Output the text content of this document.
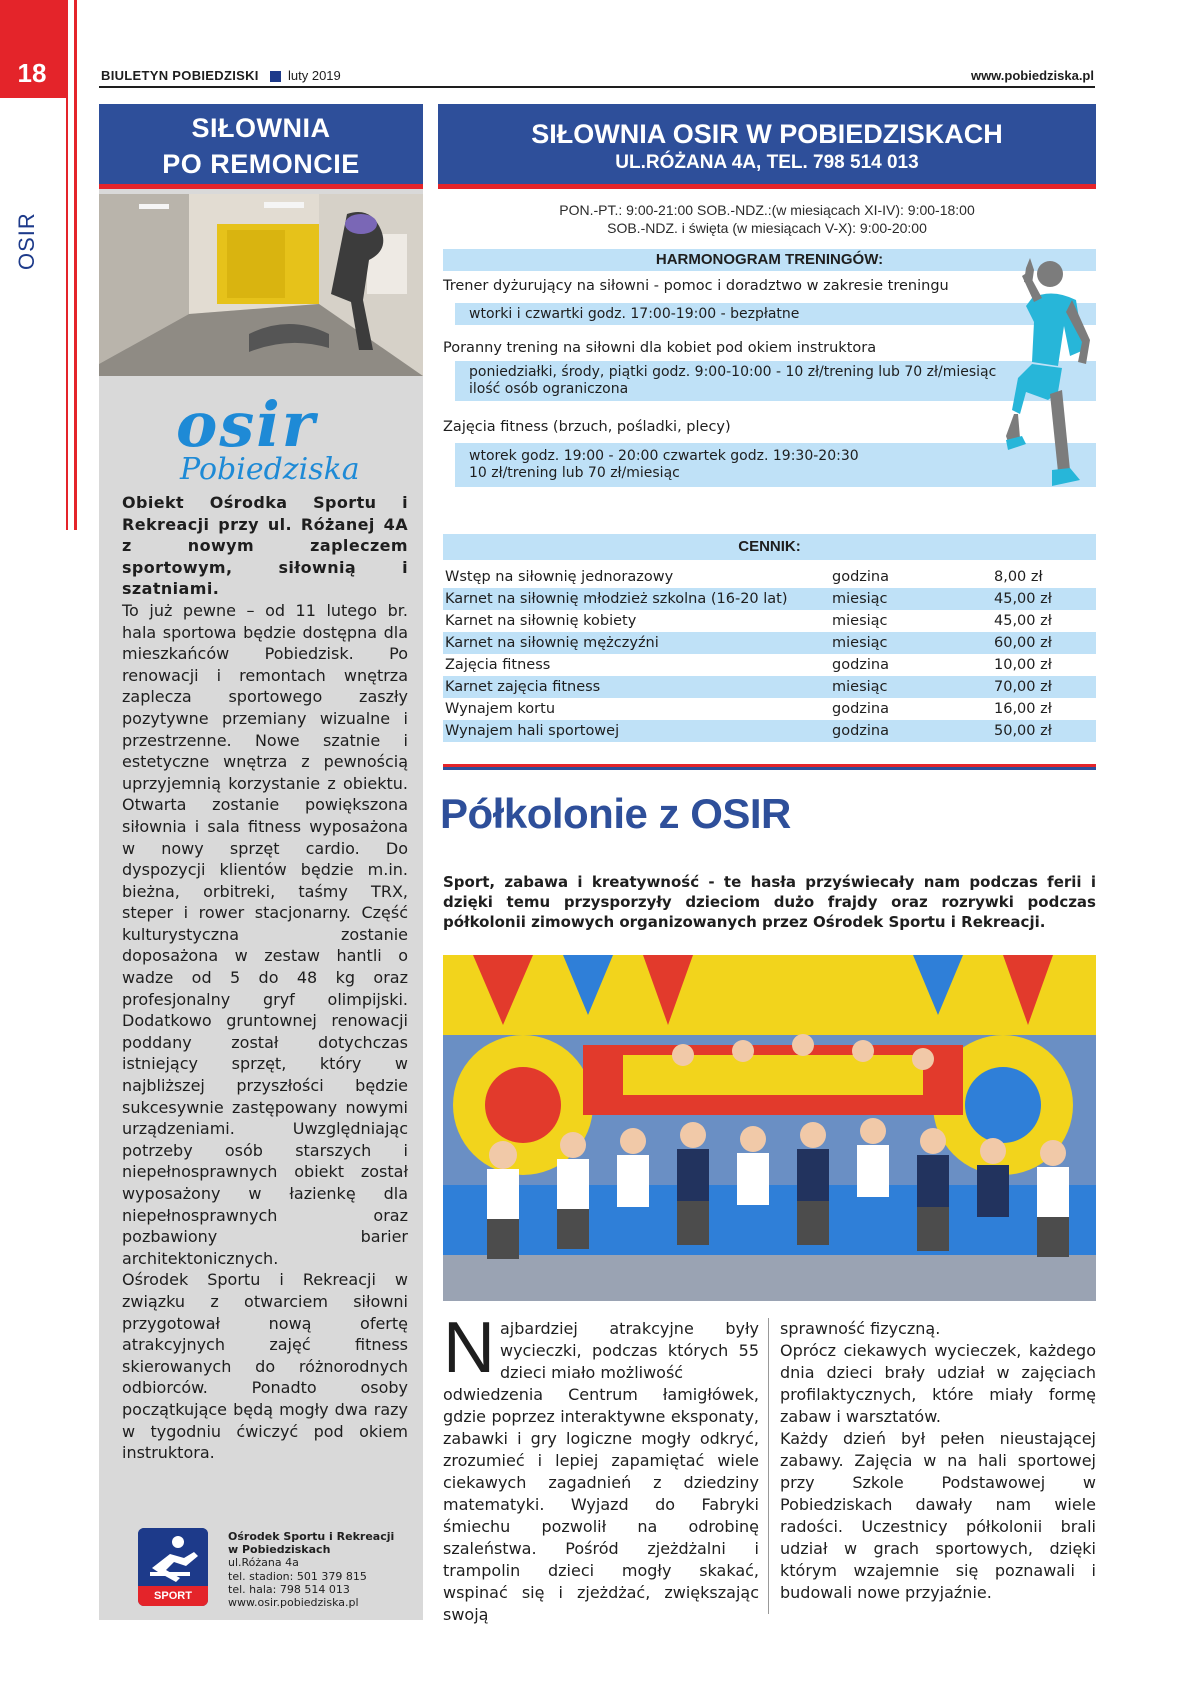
18
OSIR
BIULETYN POBIEDZISKI luty 2019	www.pobiedziska.pl
SIŁOWNIA
PO REMONCIE
osir
Pobiedziska
Obiekt Ośrodka Sportu i Rekreacji przy ul. Różanej 4A z nowym zapleczem sportowym, siłownią i szatniami.

To już pewne – od 11 lutego br. hala sportowa będzie dostępna dla mieszkańców Pobiedzisk. Po renowacji i remontach wnętrza zaplecza sportowego zaszły pozytywne przemiany wizualne i przestrzenne. Nowe szatnie i estetyczne wnętrza z pewnością uprzyjemnią korzystanie z obiektu. Otwarta zostanie powiększona siłownia i sala fitness wyposażona w nowy sprzęt cardio. Do dyspozycji klientów będzie m.in. bieżna, orbitreki, taśmy TRX, steper i rower stacjonarny. Część kulturystyczna zostanie doposażona w zestaw hantli o wadze od 5 do 48 kg oraz profesjonalny gryf olimpijski. Dodatkowo gruntownej renowacji poddany został dotychczas istniejący sprzęt, który w najbliższej przyszłości będzie sukcesywnie zastępowany nowymi urządzeniami. Uwzględniając potrzeby osób starszych i niepełnosprawnych obiekt został wyposażony w łazienkę dla niepełnosprawnych oraz pozbawiony barier architektonicznych.

Ośrodek Sportu i Rekreacji w związku z otwarciem siłowni przygotował nową ofertę atrakcyjnych zajęć fitness skierowanych do różnorodnych odbiorców. Ponadto osoby początkujące będą mogły dwa razy w tygodniu ćwiczyć pod okiem instruktora.

SPORT
Ośrodek Sportu i Rekreacji
w Pobiedziskach
ul.Różana 4a
tel. stadion: 501 379 815
tel. hala: 798 514 013
www.osir.pobiedziska.pl
SIŁOWNIA OSIR W POBIEDZISKACH
UL.RÓŻANA 4A, TEL. 798 514 013
PON.-PT.: 9:00-21:00 SOB.-NDZ.:(w miesiącach XI-IV): 9:00-18:00
SOB.-NDZ. i święta (w miesiącach V-X): 9:00-20:00
HARMONOGRAM TRENINGÓW:
Trener dyżurujący na siłowni - pomoc i doradztwo w zakresie treningu
wtorki i czwartki godz. 17:00-19:00 - bezpłatne
Poranny trening na siłowni dla kobiet pod okiem instruktora
poniedziałki, środy, piątki godz. 9:00-10:00 - 10 zł/trening lub 70 zł/miesiąc
ilość osób ograniczona
Zajęcia fitness (brzuch, pośladki, plecy)
wtorek godz. 19:00 - 20:00 czwartek godz. 19:30-20:30
10 zł/trening lub 70 zł/miesiąc
CENNIK:
Wstęp na siłownię jednorazowy	godzina	8,00 zł
Karnet na siłownię młodzież szkolna (16-20 lat)	miesiąc	45,00 zł
Karnet na siłownię kobiety	miesiąc	45,00 zł
Karnet na siłownię mężczyźni	miesiąc	60,00 zł
Zajęcia fitness	godzina	10,00 zł
Karnet zajęcia fitness	miesiąc	70,00 zł
Wynajem kortu	godzina	16,00 zł
Wynajem hali sportowej	godzina	50,00 zł
Półkolonie z OSIR
Sport, zabawa i kreatywność - te hasła przyświecały nam podczas ferii i dzięki temu przysporzyły dzieciom dużo frajdy oraz rozrywki podczas półkolonii zimowych organizowanych przez Ośrodek Sportu i Rekreacji.
N ajbardziej atrakcyjne były wycieczki, podczas których 55 dzieci miało możliwość
odwiedzenia Centrum łamigłówek, gdzie poprzez interaktywne eksponaty, zabawki i gry logiczne mogły odkryć, zrozumieć i lepiej zapamiętać wiele ciekawych zagadnień z dziedziny matematyki. Wyjazd do Fabryki śmiechu pozwolił na odrobinę szaleństwa. Pośród zjeżdżalni i trampolin dzieci mogły skakać, wspinać się i zjeżdżać, zwiększając swoją

sprawność fizyczną.

Oprócz ciekawych wycieczek, każdego dnia dzieci brały udział w zajęciach profilaktycznych, które miały formę zabaw i warsztatów.

Każdy dzień był pełen nieustającej zabawy. Zajęcia w na hali sportowej przy Szkole Podstawowej w Pobiedziskach dawały nam wiele radości. Uczestnicy półkolonii brali udział w grach sportowych, dzięki którym wzajemnie się poznawali i budowali nowe przyjaźnie.
